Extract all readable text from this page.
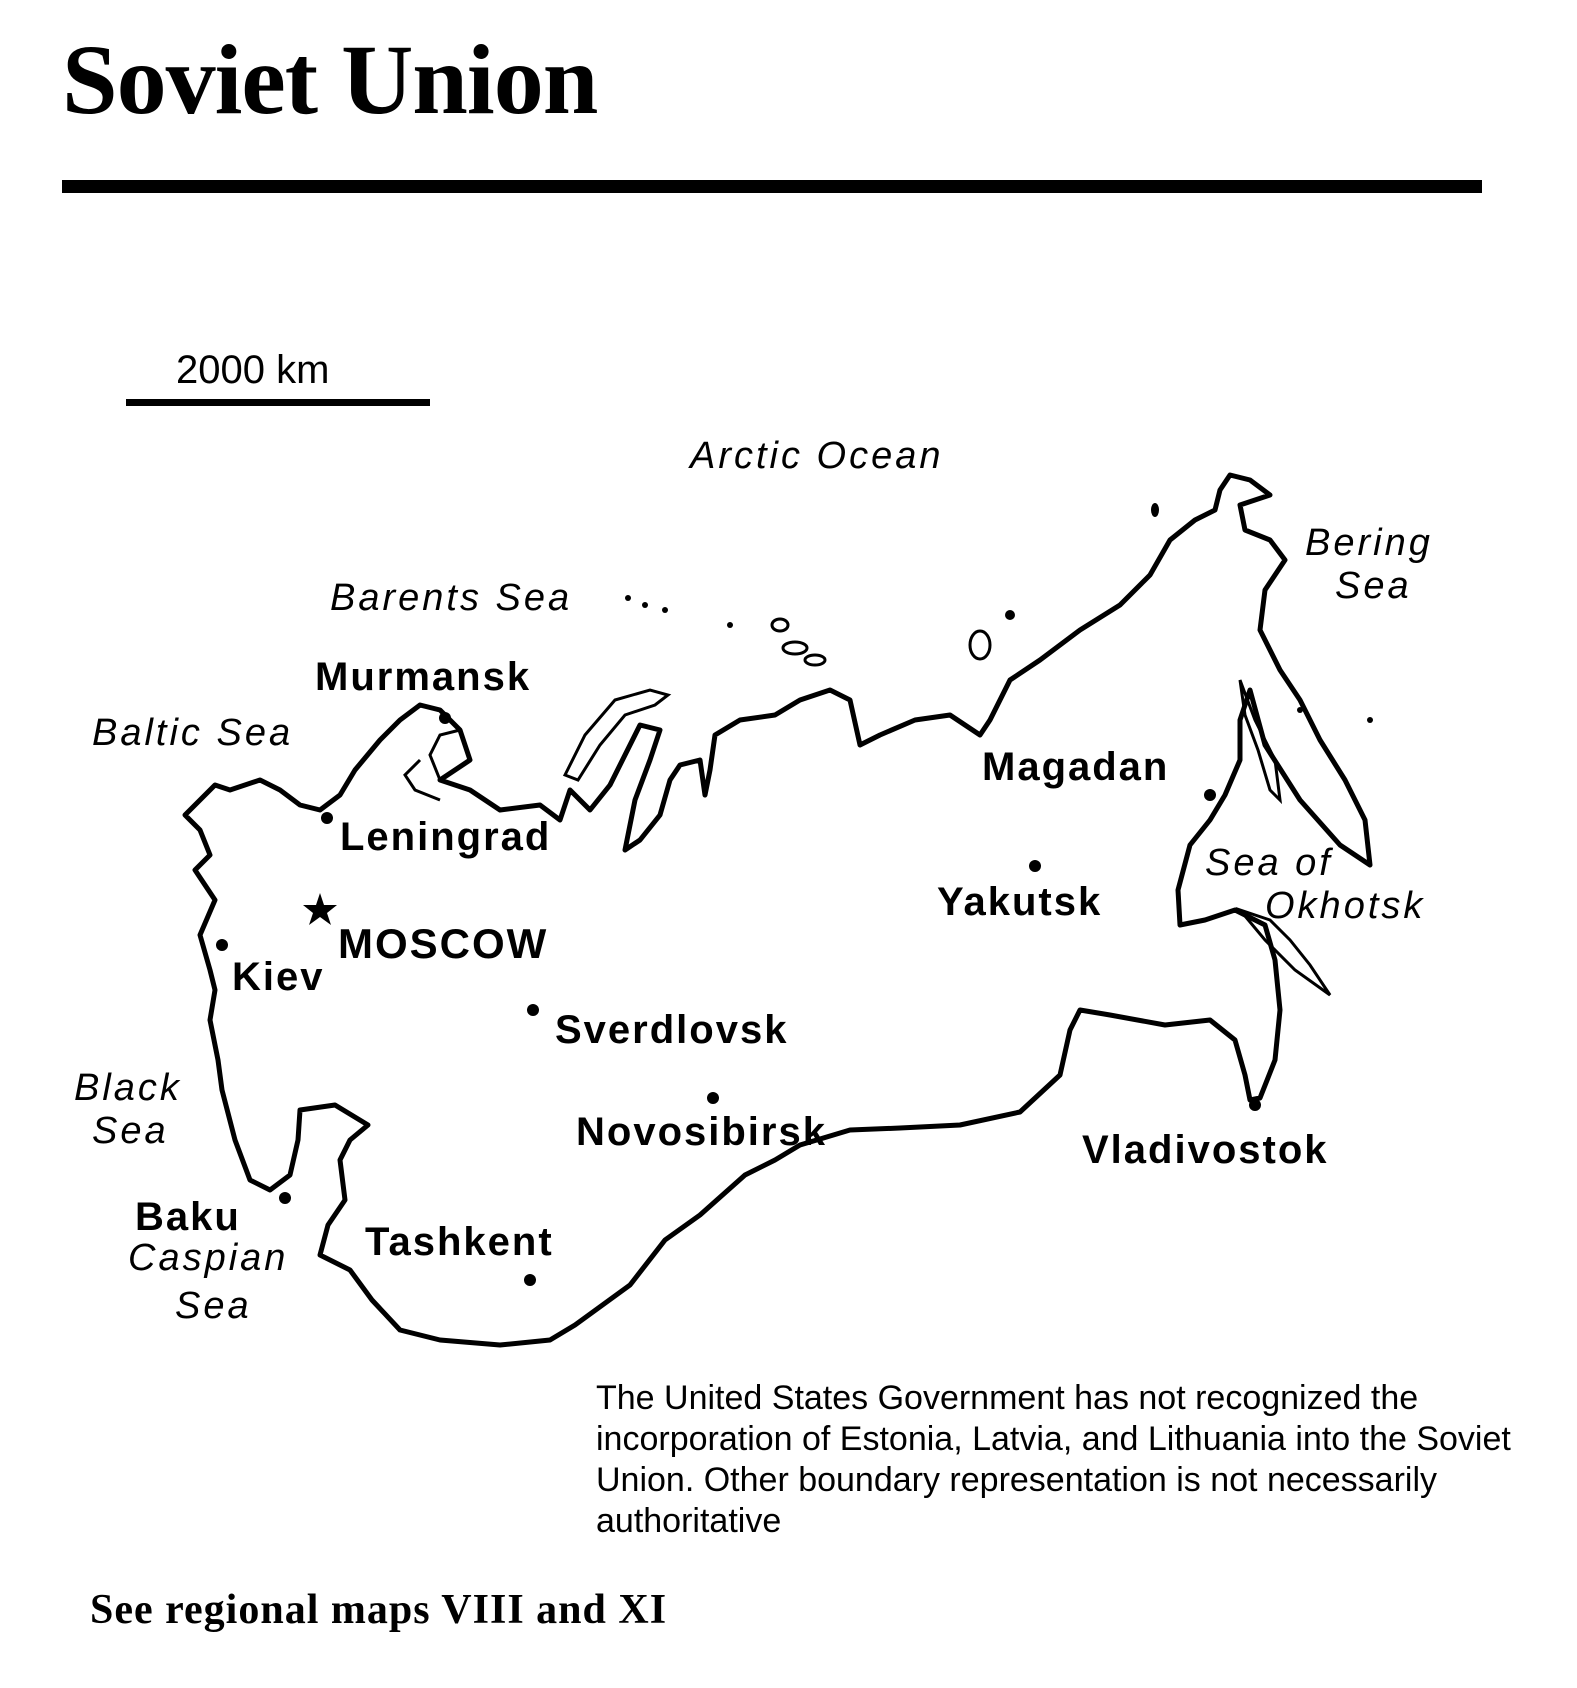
Soviet Union
2000 km
Arctic Ocean
Barents Sea
Baltic Sea
Bering
Sea
Sea of
Okhotsk
Black
Sea
Caspian
Sea
Murmansk
Leningrad
MOSCOW
Kiev
Sverdlovsk
Novosibirsk
Tashkent
Baku
Magadan
Yakutsk
Vladivostok

The United States Government has not recognized the incorporation of Estonia, Latvia, and Lithuania into the Soviet Union. Other boundary representation is not necessarily authoritative

See regional maps VIII and XI
